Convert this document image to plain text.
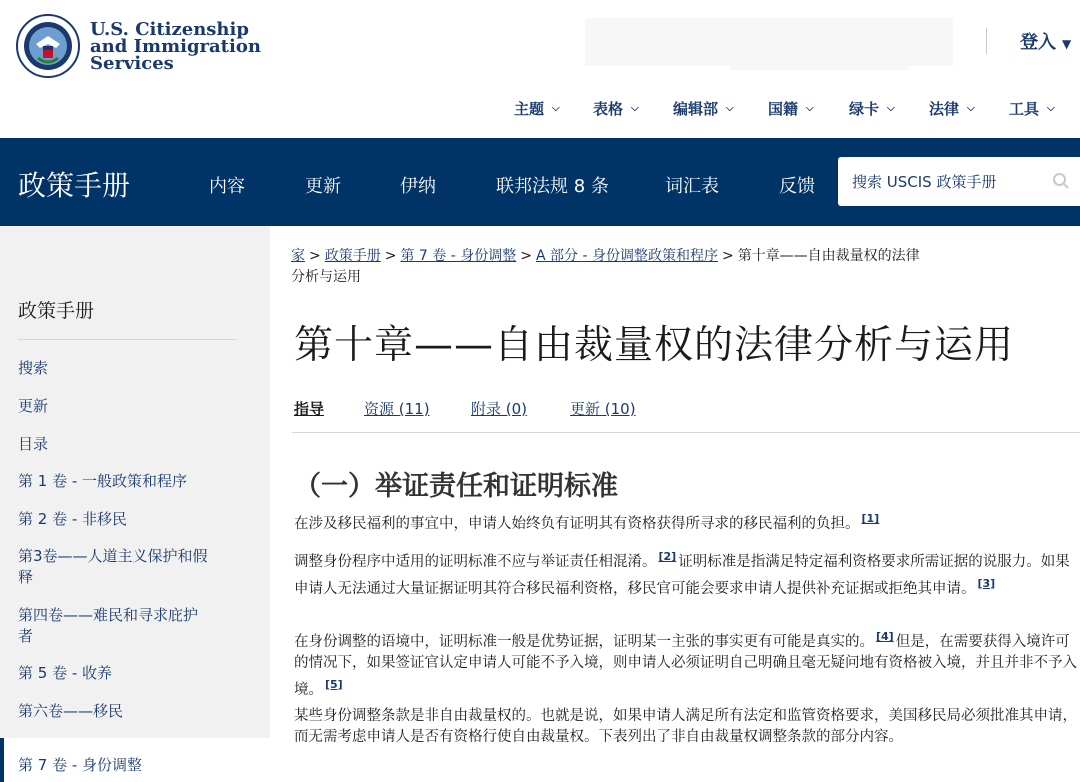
U.S. Citizenship
and Immigration
Services
登入 ▼
主题 ⌵ 表格 ⌵ 编辑部 ⌵ 国籍 ⌵ 绿卡 ⌵ 法律 ⌵ 工具 ⌵
政策手册	内容	更新	伊纳	联邦法规 8 条	词汇表	反馈
搜索 USCIS 政策手册
政策手册
搜索
更新
目录
第 1 卷 - 一般政策和程序
第 2 卷 - 非移民
第3卷——人道主义保护和假释
第四卷——难民和寻求庇护者
第 5 卷 - 收养
第六卷——移民
第 7 卷 - 身份调整
家 > 政策手册 > 第 7 卷 - 身份调整 > A 部分 - 身份调整政策和程序 > 第十章——自由裁量权的法律分析与运用
第十章——自由裁量权的法律分析与运用
指导	资源 (11)	附录 (0)	更新 (10)
（一）举证责任和证明标准

在涉及移民福利的事宜中，申请人始终负有证明其有资格获得所寻求的移民福利的负担。 [1]

调整身份程序中适用的证明标准不应与举证责任相混淆。 [2] 证明标准是指满足特定福利资格要求所需证据的说服力。如果申请人无法通过大量证据证明其符合移民福利资格，移民官可能会要求申请人提供补充证据或拒绝其申请。 [3]

在身份调整的语境中，证明标准一般是优势证据，证明某一主张的事实更有可能是真实的。 [4] 但是，在需要获得入境许可的情况下，如果签证官认定申请人可能不予入境，则申请人必须证明自己明确且毫无疑问地有资格被入境，并且并非不予入境。 [5]

某些身份调整条款是非自由裁量权的。也就是说，如果申请人满足所有法定和监管资格要求，美国移民局必须批准其申请，而无需考虑申请人是否有资格行使自由裁量权。下表列出了非自由裁量权调整条款的部分内容。
